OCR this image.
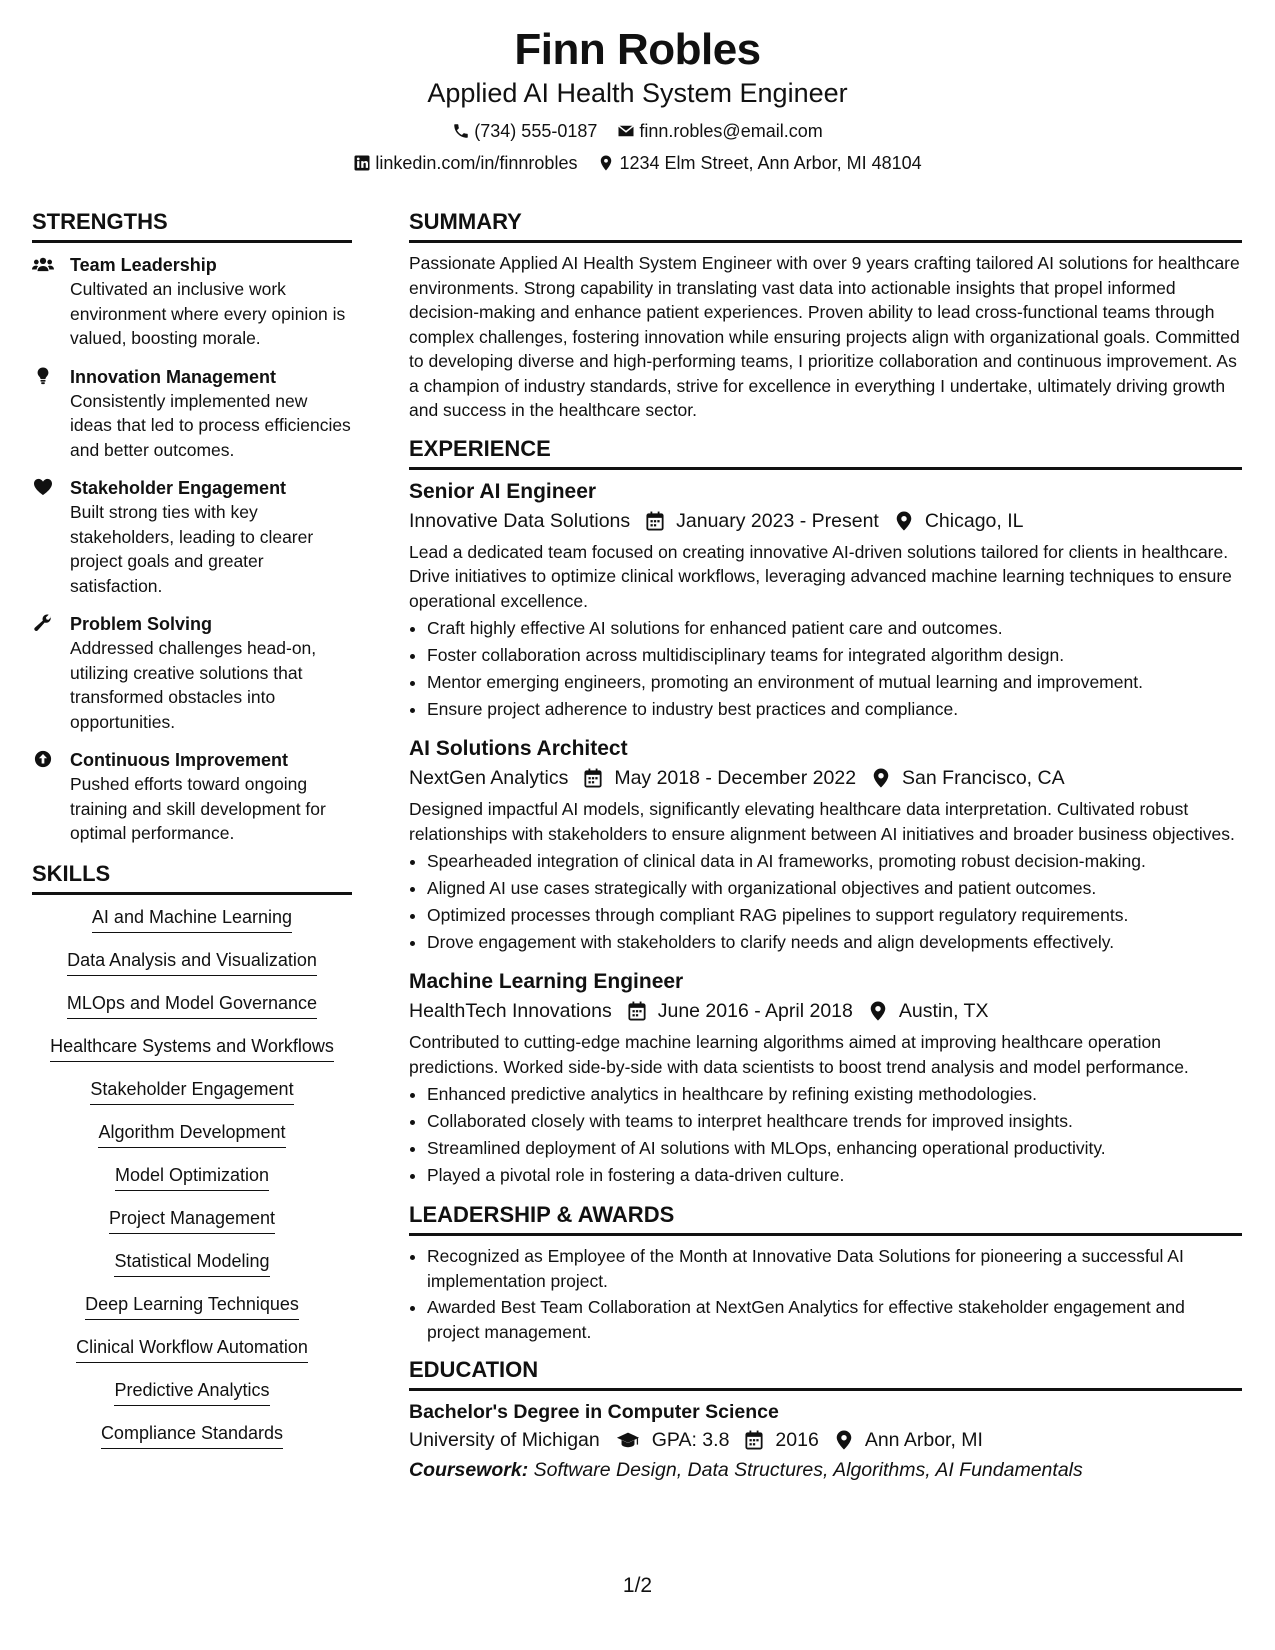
Finn Robles
Applied AI Health System Engineer
(734) 555-0187 finn.robles@email.com
linkedin.com/in/finnrobles 1234 Elm Street, Ann Arbor, MI 48104
STRENGTHS
Team Leadership
Cultivated an inclusive work environment where every opinion is valued, boosting morale.
Innovation Management
Consistently implemented new ideas that led to process efficiencies and better outcomes.
Stakeholder Engagement
Built strong ties with key stakeholders, leading to clearer project goals and greater satisfaction.
Problem Solving
Addressed challenges head-on, utilizing creative solutions that transformed obstacles into opportunities.
Continuous Improvement
Pushed efforts toward ongoing training and skill development for optimal performance.
SKILLS
AI and Machine Learning
Data Analysis and Visualization
MLOps and Model Governance
Healthcare Systems and Workflows
Stakeholder Engagement
Algorithm Development
Model Optimization
Project Management
Statistical Modeling
Deep Learning Techniques
Clinical Workflow Automation
Predictive Analytics
Compliance Standards
SUMMARY
Passionate Applied AI Health System Engineer with over 9 years crafting tailored AI solutions for healthcare environments. Strong capability in translating vast data into actionable insights that propel informed decision-making and enhance patient experiences. Proven ability to lead cross-functional teams through complex challenges, fostering innovation while ensuring projects align with organizational goals. Committed to developing diverse and high-performing teams, I prioritize collaboration and continuous improvement. As a champion of industry standards, strive for excellence in everything I undertake, ultimately driving growth and success in the healthcare sector.
EXPERIENCE
Senior AI Engineer
Innovative Data Solutions January 2023 - Present Chicago, IL
Lead a dedicated team focused on creating innovative AI-driven solutions tailored for clients in healthcare. Drive initiatives to optimize clinical workflows, leveraging advanced machine learning techniques to ensure operational excellence.
• Craft highly effective AI solutions for enhanced patient care and outcomes.
• Foster collaboration across multidisciplinary teams for integrated algorithm design.
• Mentor emerging engineers, promoting an environment of mutual learning and improvement.
• Ensure project adherence to industry best practices and compliance.
AI Solutions Architect
NextGen Analytics May 2018 - December 2022 San Francisco, CA
Designed impactful AI models, significantly elevating healthcare data interpretation. Cultivated robust relationships with stakeholders to ensure alignment between AI initiatives and broader business objectives.
• Spearheaded integration of clinical data in AI frameworks, promoting robust decision-making.
• Aligned AI use cases strategically with organizational objectives and patient outcomes.
• Optimized processes through compliant RAG pipelines to support regulatory requirements.
• Drove engagement with stakeholders to clarify needs and align developments effectively.
Machine Learning Engineer
HealthTech Innovations June 2016 - April 2018 Austin, TX
Contributed to cutting-edge machine learning algorithms aimed at improving healthcare operation predictions. Worked side-by-side with data scientists to boost trend analysis and model performance.
• Enhanced predictive analytics in healthcare by refining existing methodologies.
• Collaborated closely with teams to interpret healthcare trends for improved insights.
• Streamlined deployment of AI solutions with MLOps, enhancing operational productivity.
• Played a pivotal role in fostering a data-driven culture.
LEADERSHIP & AWARDS
• Recognized as Employee of the Month at Innovative Data Solutions for pioneering a successful AI implementation project.
• Awarded Best Team Collaboration at NextGen Analytics for effective stakeholder engagement and project management.
EDUCATION
Bachelor's Degree in Computer Science
University of Michigan	GPA: 3.8 2016 Ann Arbor, MI
Coursework: Software Design, Data Structures, Algorithms, AI Fundamentals
1/2
